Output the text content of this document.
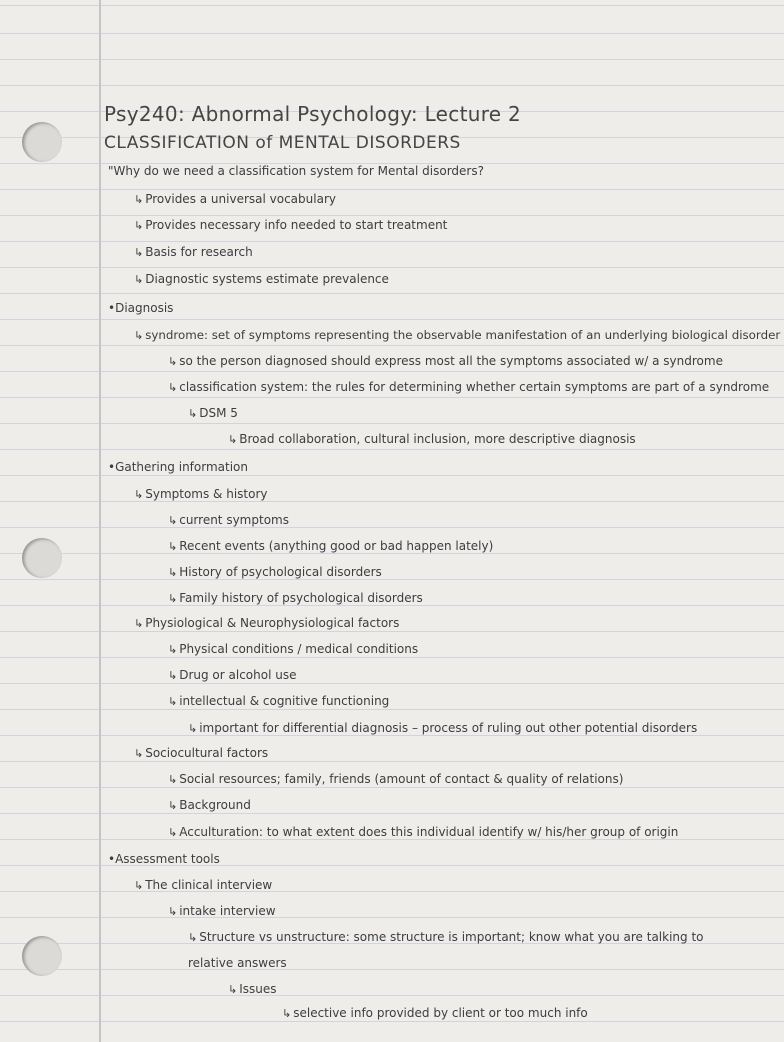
Psy240: Abnormal Psychology: Lecture 2
CLASSIFICATION of MENTAL DISORDERS
"Why do we need a classification system for Mental disorders?
↳ Provides a universal vocabulary
↳ Provides necessary info needed to start treatment
↳ Basis for research
↳ Diagnostic systems estimate prevalence
•Diagnosis
↳ syndrome: set of symptoms representing the observable manifestation of an underlying biological disorder
↳ so the person diagnosed should express most all the symptoms associated w/ a syndrome
↳ classification system: the rules for determining whether certain symptoms are part of a syndrome
↳ DSM 5
↳ Broad collaboration, cultural inclusion, more descriptive diagnosis
•Gathering information
↳ Symptoms & history
↳ current symptoms
↳ Recent events (anything good or bad happen lately)
↳ History of psychological disorders
↳ Family history of psychological disorders
↳ Physiological & Neurophysiological factors
↳ Physical conditions / medical conditions
↳ Drug or alcohol use
↳ intellectual & cognitive functioning
↳ important for differential diagnosis – process of ruling out other potential disorders
↳ Sociocultural factors
↳ Social resources; family, friends (amount of contact & quality of relations)
↳ Background
↳ Acculturation: to what extent does this individual identify w/ his/her group of origin
•Assessment tools
↳ The clinical interview
↳ intake interview
↳ Structure vs unstructure: some structure is important; know what you are talking to
relative answers
↳ Issues
↳ selective info provided by client or too much info
